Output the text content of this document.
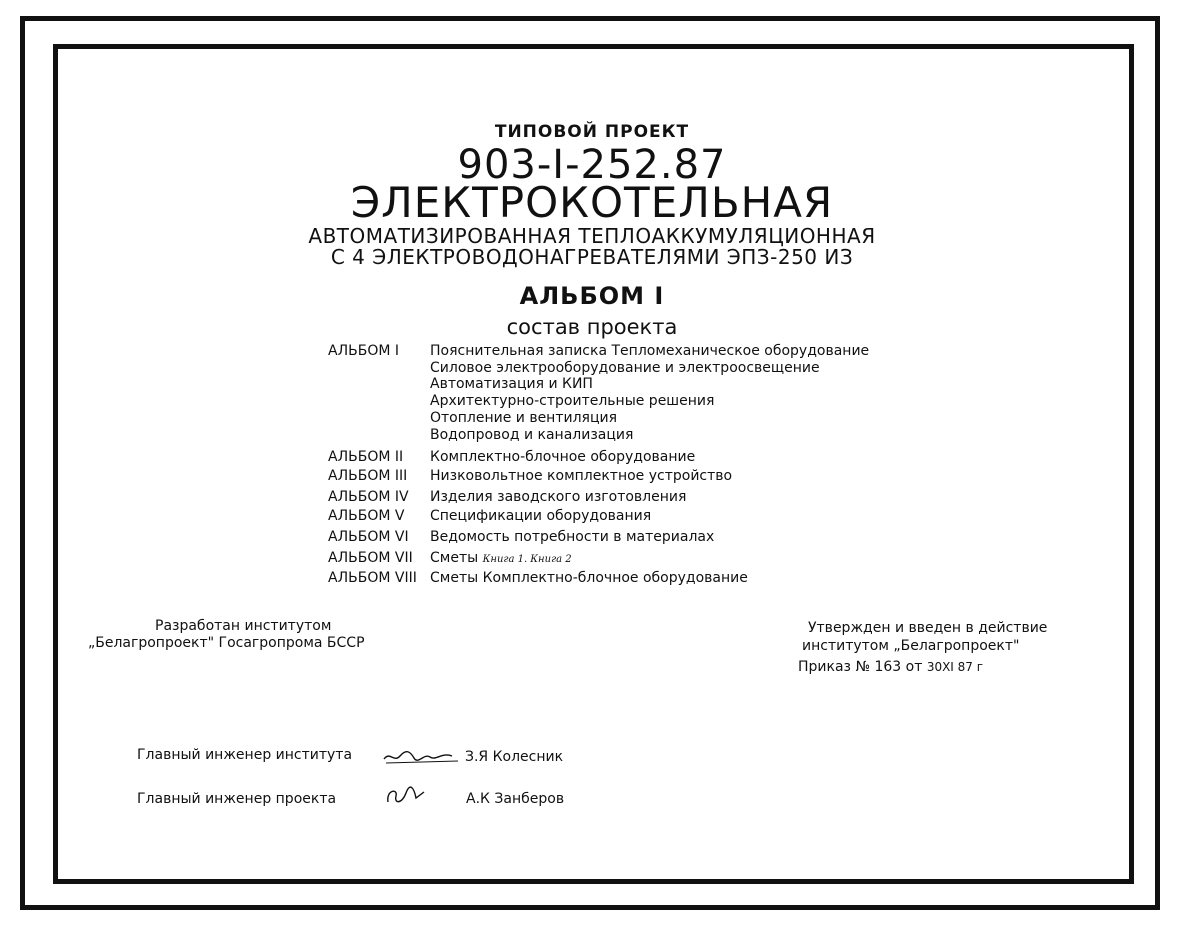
ТИПОВОЙ ПРОЕКТ
903-I-252.87
ЭЛЕКТРОКОТЕЛЬНАЯ
АВТОМАТИЗИРОВАННАЯ ТЕПЛОАККУМУЛЯЦИОННАЯ
С 4 ЭЛЕКТРОВОДОНАГРЕВАТЕЛЯМИ ЭПЗ-250 ИЗ
АЛЬБОМ I
состав проекта
АЛЬБОМ I Пояснительная записка Тепломеханическое оборудование
Силовое электрооборудование и электроосвещение
Автоматизация и КИП
Архитектурно-строительные решения
Отопление и вентиляция
Водопровод и канализация
АЛЬБОМ II Комплектно-блочное оборудование
АЛЬБОМ III Низковольтное комплектное устройство
АЛЬБОМ IV Изделия заводского изготовления
АЛЬБОМ V Спецификации оборудования
АЛЬБОМ VI Ведомость потребности в материалах
АЛЬБОМ VII Сметы Книга 1. Книга 2
АЛЬБОМ VIII Сметы Комплектно-блочное оборудование
Разработан институтом
„Белагропроект" Госагропрома БССР
Утвержден и введен в действие
институтом „Белагропроект"
Приказ № 163 от 30XI 87 г
Главный инженер института
Колесник
З.Я Колесник
Главный инженер проекта
Зан
А.К Занберов
